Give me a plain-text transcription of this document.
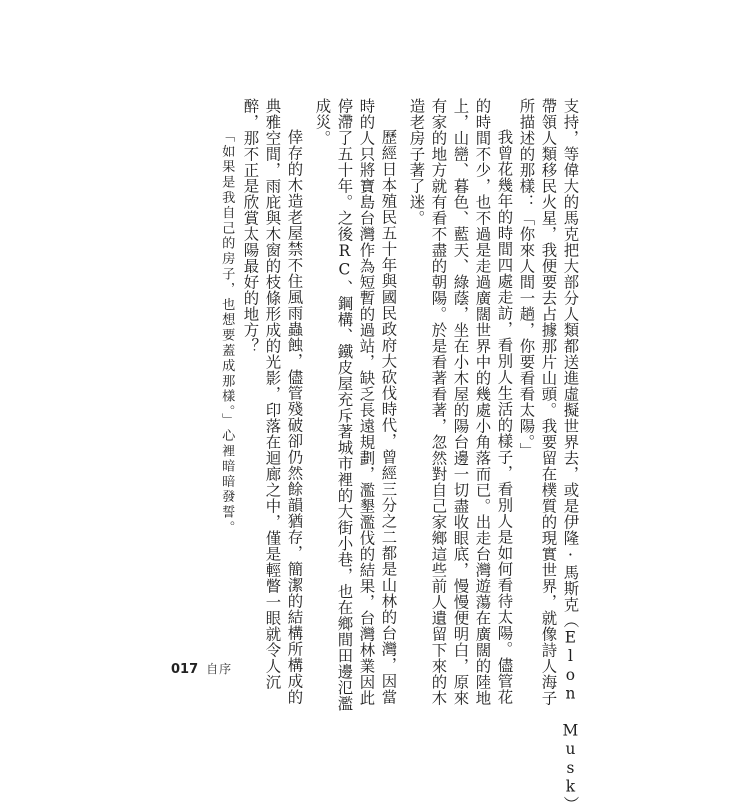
支持，等偉大的馬克把大部分人類都送進虛擬世界去，或是伊隆·馬斯克（Elon Musk）
帶領人類移民火星，我便要去占據那片山頭。我要留在樸質的現實世界，就像詩人海子
所描述的那樣：「你來人間一趟，你要看看太陽。」
我曾花幾年的時間四處走訪，看別人生活的樣子，看別人是如何看待太陽。儘管花
的時間不少，也不過是走過廣闊世界中的幾處小角落而已。出走台灣遊蕩在廣闊的陸地
上，山巒、暮色、藍天、綠蔭，坐在小木屋的陽台邊一切盡收眼底，慢慢便明白，原來
有家的地方就有看不盡的朝陽。於是看著看著，忽然對自己家鄉這些前人遺留下來的木
造老房子著了迷。
歷經日本殖民五十年與國民政府大砍伐時代，曾經三分之二都是山林的台灣，因當
時的人只將寶島台灣作為短暫的過站，缺乏長遠規劃，濫墾濫伐的結果，台灣林業因此
停滯了五十年。之後RC、鋼構、鐵皮屋充斥著城市裡的大街小巷，也在鄉間田邊氾濫
成災。
倖存的木造老屋禁不住風雨蟲蝕，儘管殘破卻仍然餘韻猶存，簡潔的結構所構成的
典雅空間，雨庇與木窗的枝條形成的光影，印落在迴廊之中，僅是輕瞥一眼就令人沉
醉，那不正是欣賞太陽最好的地方？
「如果是我自己的房子，也想要蓋成那樣。」心裡暗暗發誓。
017 自序
